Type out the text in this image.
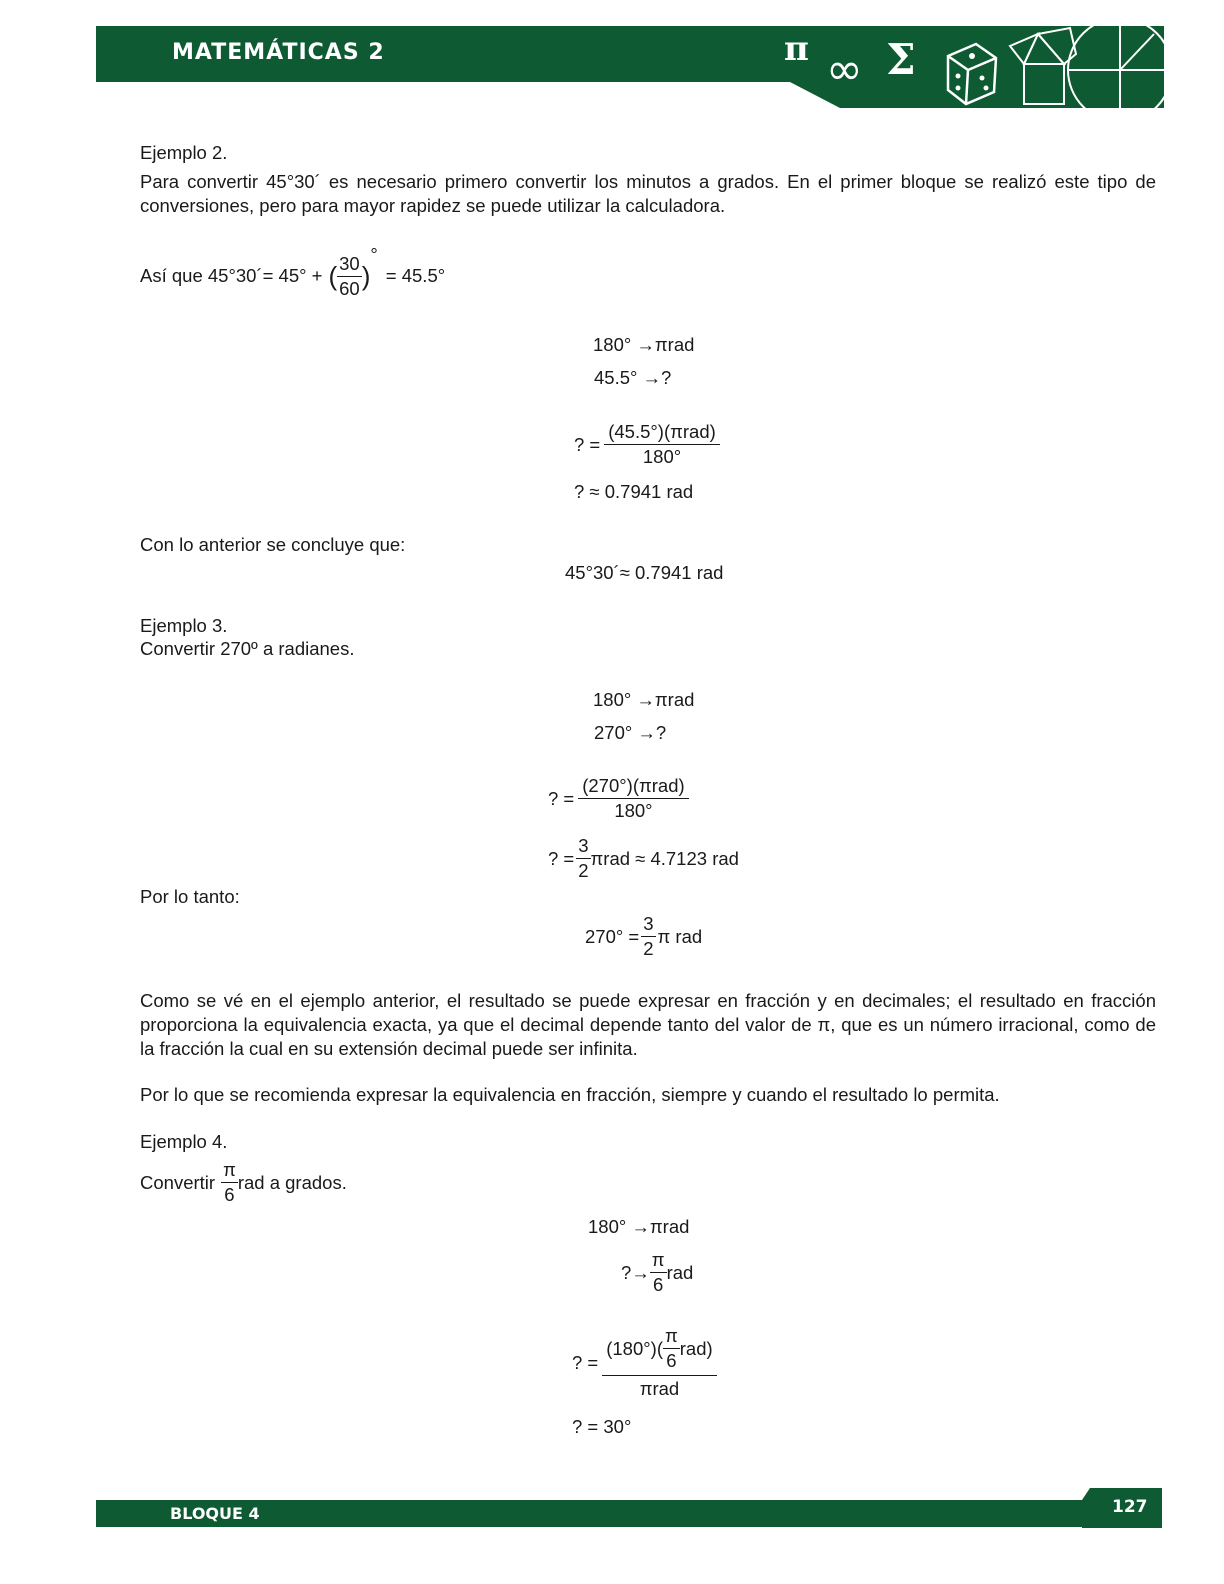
MATEMÁTICAS 2	π ∞ Σ
Ejemplo 2.
Para convertir 45°30´ es necesario primero convertir los minutos a grados. En el primer bloque se realizó este tipo de conversiones, pero para mayor rapidez se puede utilizar la calculadora.
Así que 45°30´= 45° + ( $\frac{30}{60}$ )
°
= 45.5°
180° →πrad
45.5° →?
? = $\frac{\text{(45.5°)(πrad)}}{180^\circ}$
? ≈ 0.7941 rad
Con lo anterior se concluye que:
45°30´≈ 0.7941 rad
Ejemplo 3.
Convertir 270º a radianes.
180° →πrad
270° →?
? = $\frac{\text{(270°)(πrad)}}{180^\circ}$
? = $\frac{3}{2}$ πrad ≈ 4.7123 rad
Por lo tanto:
$270^\circ = \frac{3}{2}$ π rad
Como se vé en el ejemplo anterior, el resultado se puede expresar en fracción y en decimales; el resultado en fracción proporciona la equivalencia exacta, ya que el decimal depende tanto del valor de π, que es un número irracional, como de la fracción la cual en su extensión decimal puede ser infinita.
Por lo que se recomienda expresar la equivalencia en fracción, siempre y cuando el resultado lo permita.
Ejemplo 4.
Convertir $\frac{\pi}{6}$ rad a grados.
180° →πrad
?→ $\frac{\pi}{6}$ rad
? =
$(180^\circ)( \frac{\pi}{6} rad)$
πrad
? = 30°
BLOQUE 4	127
